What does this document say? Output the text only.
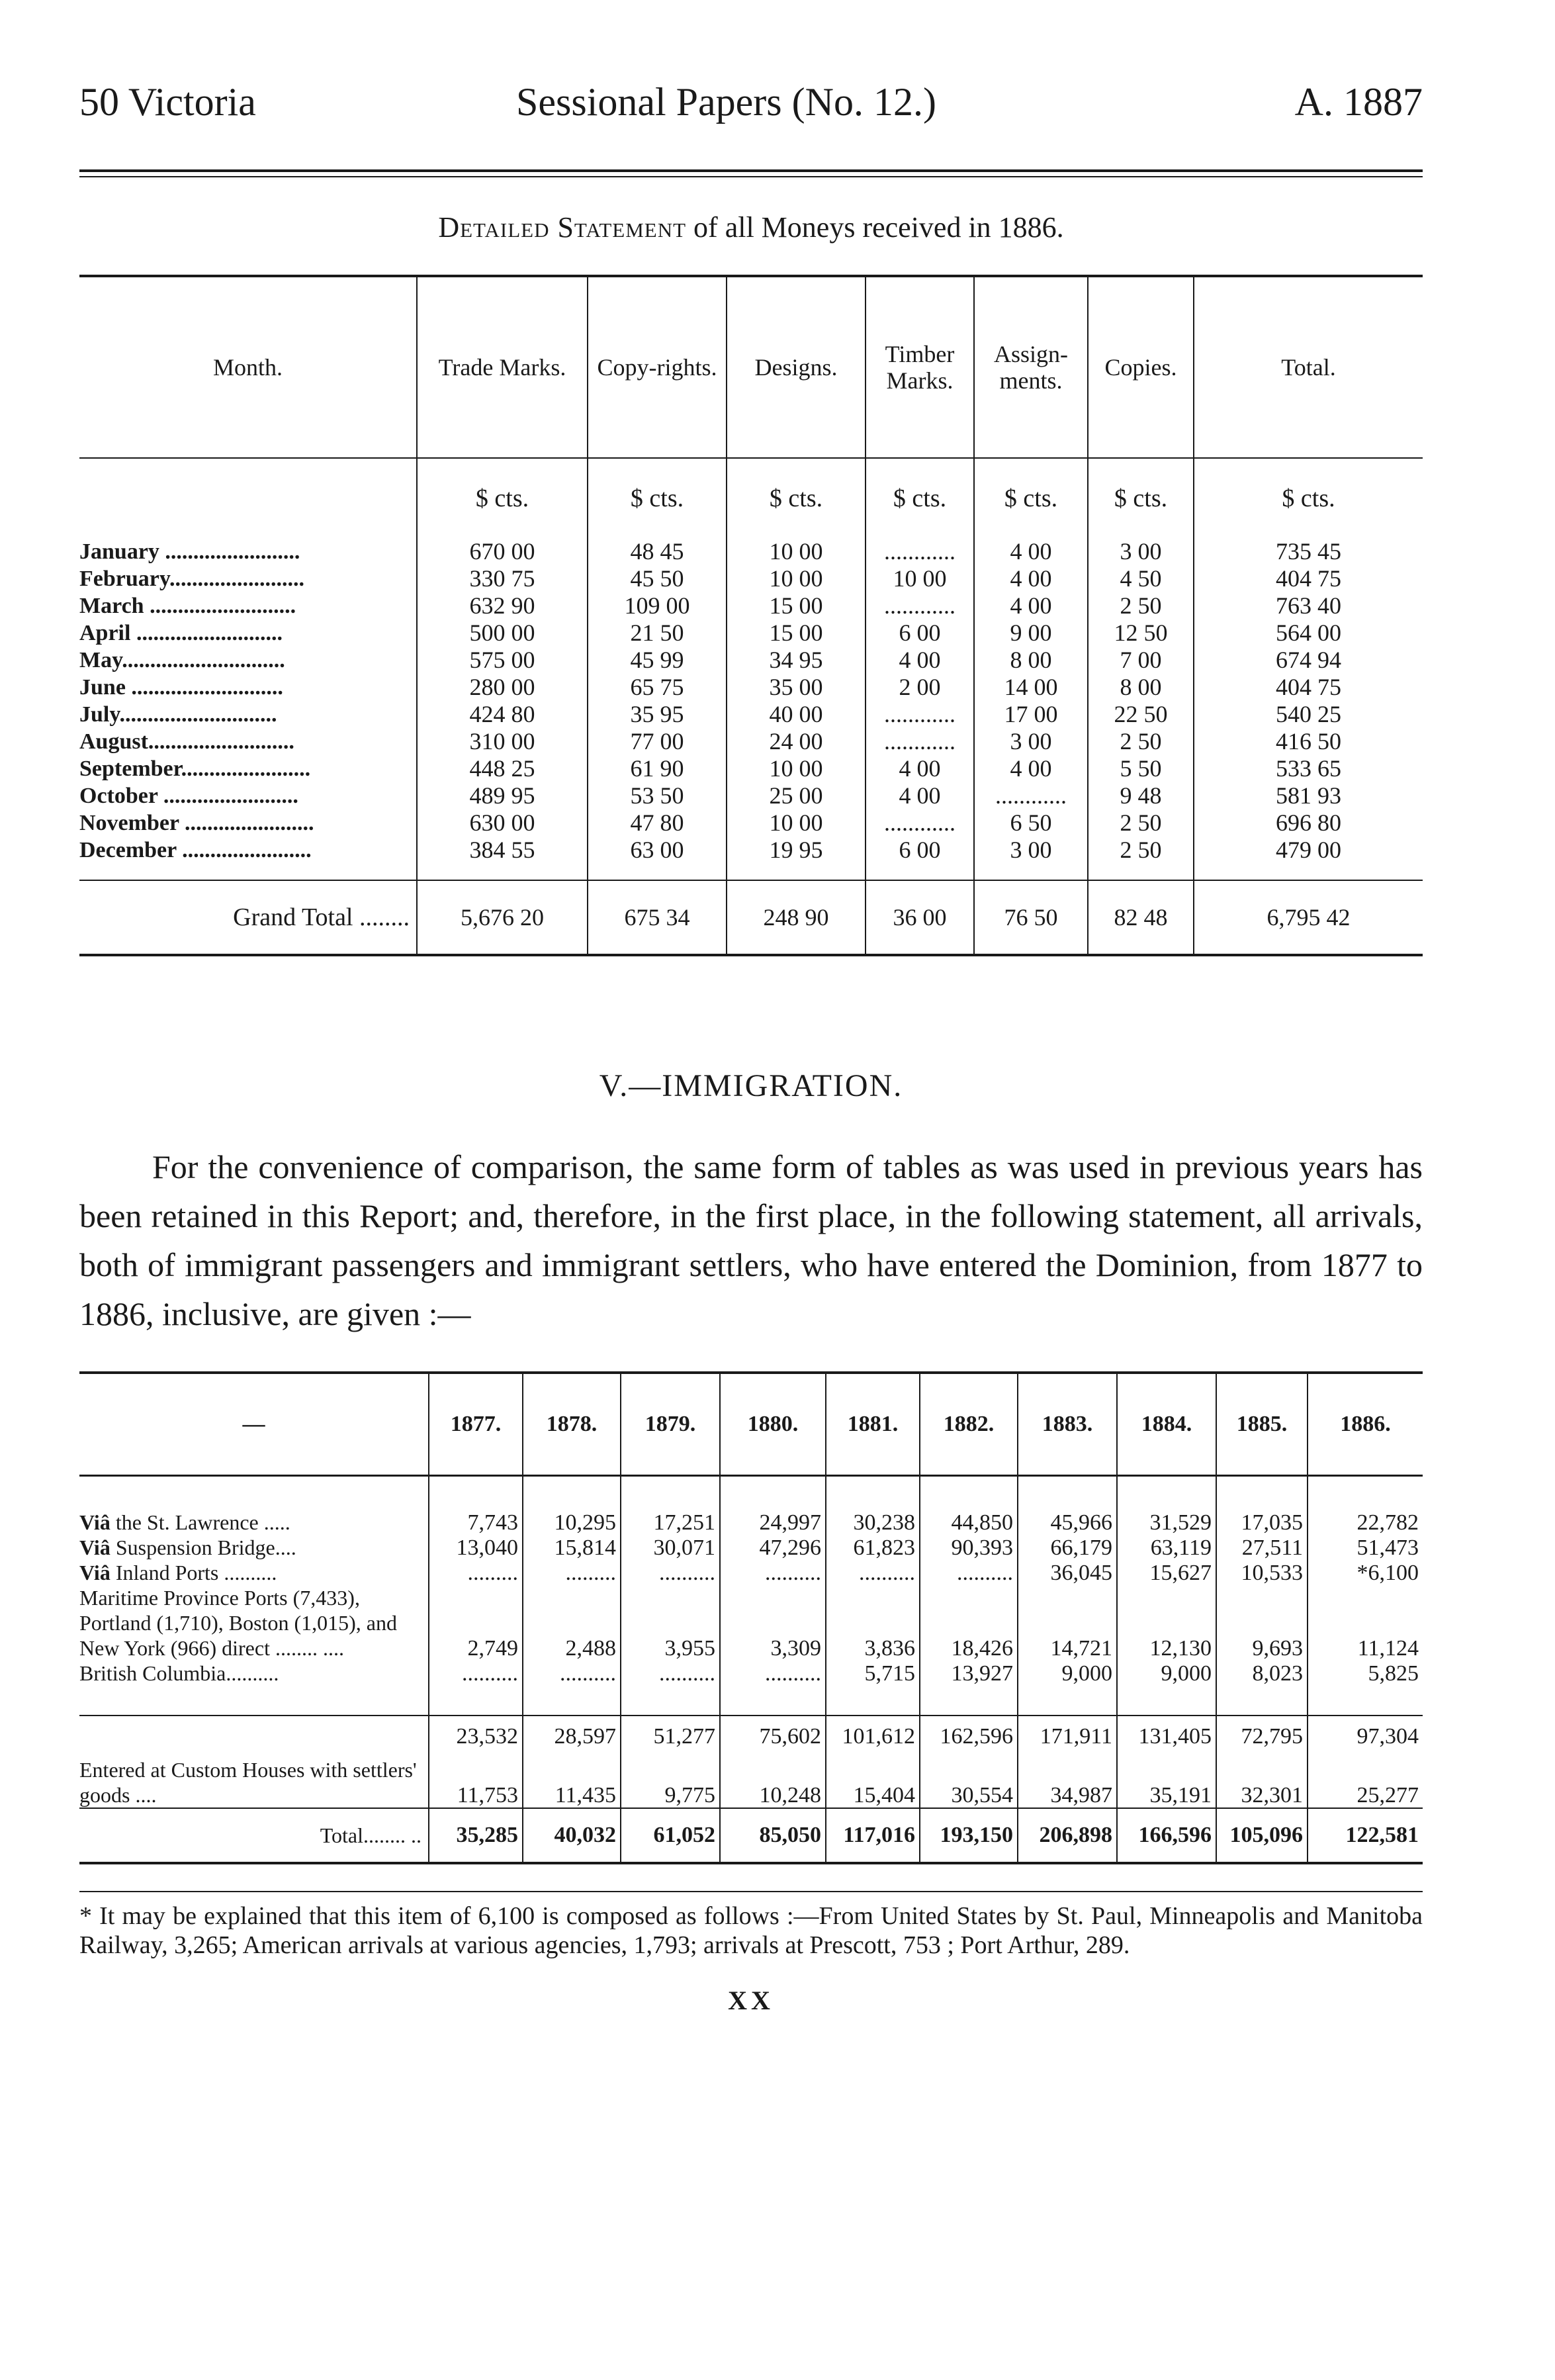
50 Victoria	Sessional Papers (No. 12.)	A. 1887
Detailed Statement of all Moneys received in 1886.
Month.	Trade Marks.	Copy-rights.	Designs.	Timber Marks.	Assign-ments.	Copies.	Total.
	$ cts.	$ cts.	$ cts.	$ cts.	$ cts.	$ cts.	$ cts.
January ........................	670 00	48 45	10 00	............	4 00	3 00	735 45
February........................	330 75	45 50	10 00	10 00	4 00	4 50	404 75
March ..........................	632 90	109 00	15 00	............	4 00	2 50	763 40
April ..........................	500 00	21 50	15 00	6 00	9 00	12 50	564 00
May.............................	575 00	45 99	34 95	4 00	8 00	7 00	674 94
June ...........................	280 00	65 75	35 00	2 00	14 00	8 00	404 75
July............................	424 80	35 95	40 00	............	17 00	22 50	540 25
August..........................	310 00	77 00	24 00	............	3 00	2 50	416 50
September.......................	448 25	61 90	10 00	4 00	4 00	5 50	533 65
October ........................	489 95	53 50	25 00	4 00	............	9 48	581 93
November .......................	630 00	47 80	10 00	............	6 50	2 50	696 80
December .......................	384 55	63 00	19 95	6 00	3 00	2 50	479 00

Grand Total ........	5,676 20	675 34	248 90	36 00	76 50	82 48	6,795 42
V.—IMMIGRATION.

For the convenience of comparison, the same form of tables as was used in previous years has been retained in this Report; and, therefore, in the first place, in the following statement, all arrivals, both of immigrant passengers and immigrant settlers, who have entered the Dominion, from 1877 to 1886, inclusive, are given :—

—	1877.	1878.	1879.	1880.	1881.	1882.	1883.	1884.	1885.	1886.

Viâ the St. Lawrence .....	7,743	10,295	17,251	24,997	30,238	44,850	45,966	31,529	17,035	22,782
Viâ Suspension Bridge....	13,040	15,814	30,071	47,296	61,823	90,393	66,179	63,119	27,511	51,473
Viâ Inland Ports ..........	.........	.........	..........	..........	..........	..........	36,045	15,627	10,533	*6,100
Maritime Province Ports (7,433), Portland (1,710), Boston (1,015), and New York (966) direct ........ ....	2,749	2,488	3,955	3,309	3,836	18,426	14,721	12,130	9,693	11,124
British Columbia..........	..........	..........	..........	..........	5,715	13,927	9,000	9,000	8,023	5,825

	23,532	28,597	51,277	75,602	101,612	162,596	171,911	131,405	72,795	97,304
Entered at Custom Houses with settlers' goods ....	11,753	11,435	9,775	10,248	15,404	30,554	34,987	35,191	32,301	25,277
Total........ ..	35,285	40,032	61,052	85,050	117,016	193,150	206,898	166,596	105,096	122,581

* It may be explained that this item of 6,100 is composed as follows :—From United States by St. Paul, Minneapolis and Manitoba Railway, 3,265; American arrivals at various agencies, 1,793; arrivals at Prescott, 753 ; Port Arthur, 289.

XX
